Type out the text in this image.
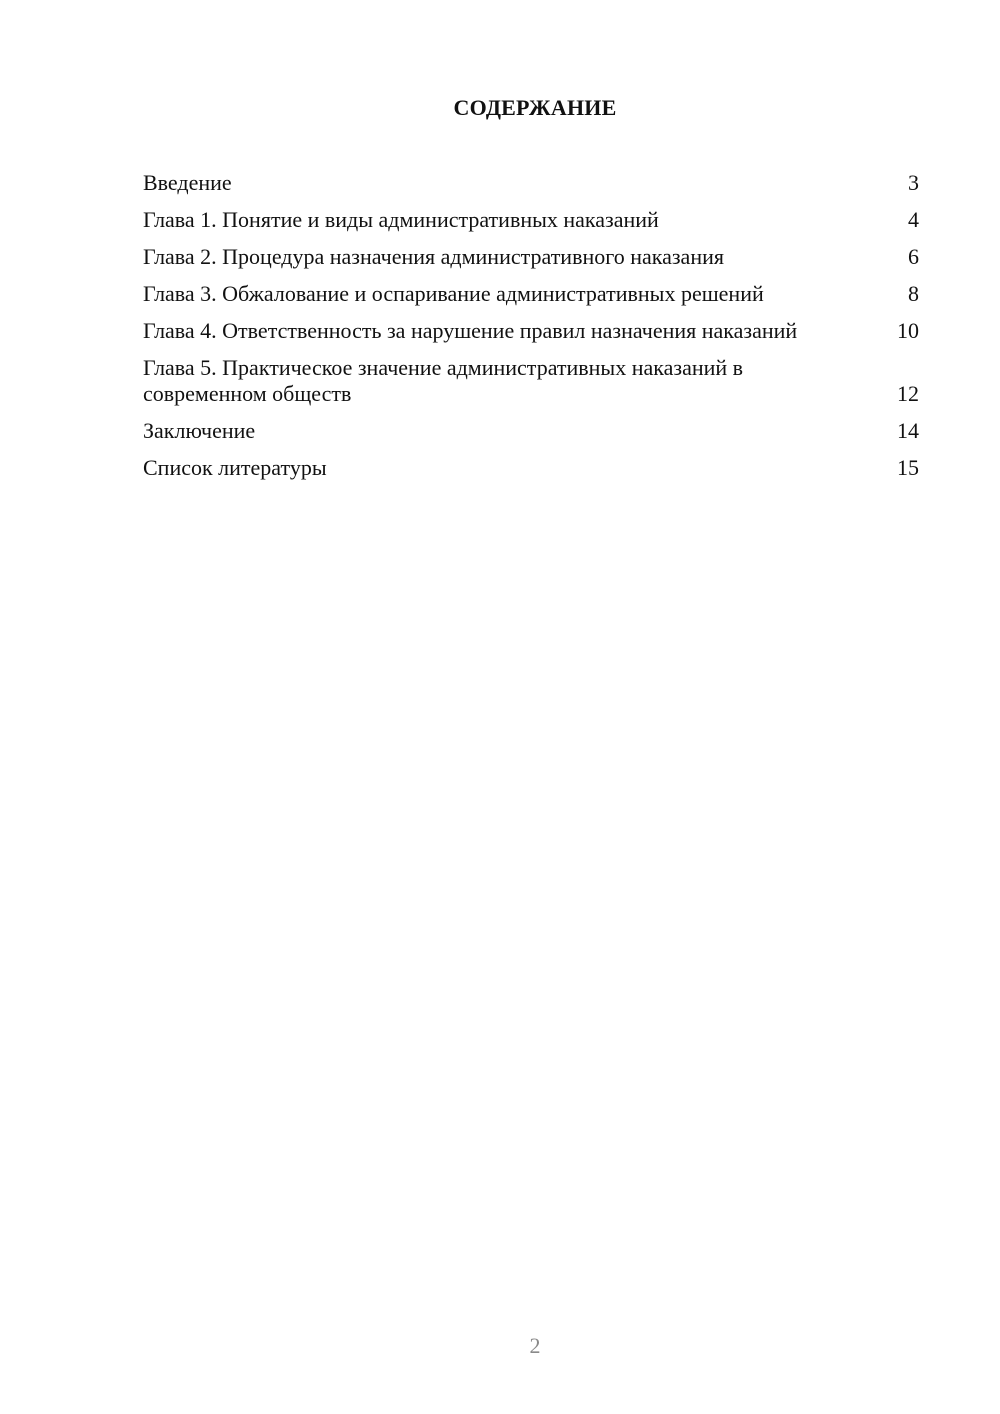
СОДЕРЖАНИЕ
Введение	3
Глава 1. Понятие и виды административных наказаний	4
Глава 2. Процедура назначения административного наказания	6
Глава 3. Обжалование и оспаривание административных решений	8
Глава 4. Ответственность за нарушение правил назначения наказаний	10
Глава 5. Практическое значение административных наказаний в современном обществ	12
Заключение	14
Список литературы	15
2
